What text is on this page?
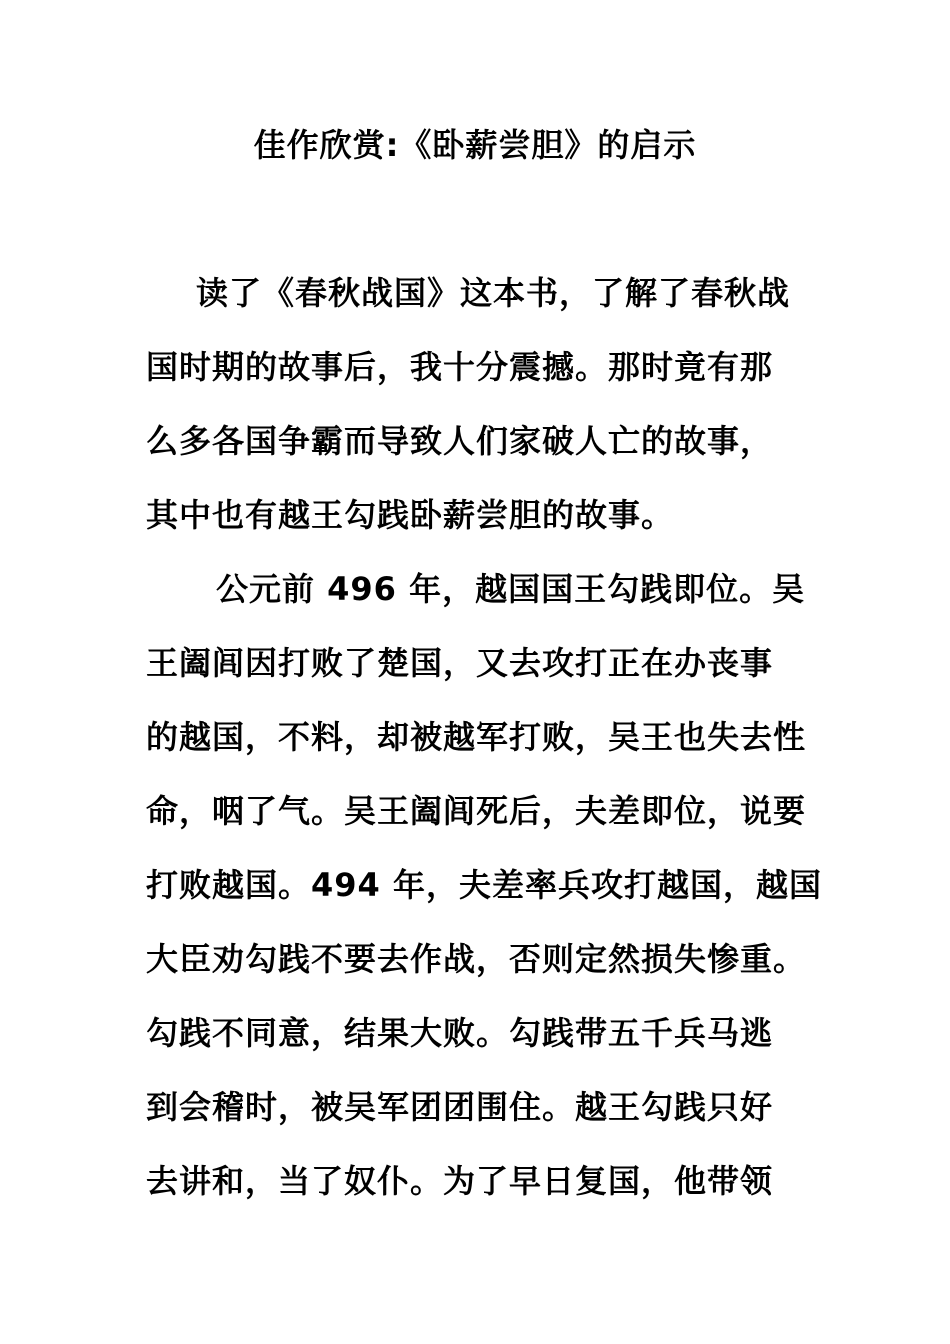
佳作欣赏:《卧薪尝胆》的启示
读了《春秋战国》这本书，了解了春秋战
国时期的故事后，我十分震撼。那时竟有那
么多各国争霸而导致人们家破人亡的故事，
其中也有越王勾践卧薪尝胆的故事。
公元前 496 年，越国国王勾践即位。吴
王阖闾因打败了楚国，又去攻打正在办丧事
的越国，不料，却被越军打败，吴王也失去性
命，咽了气。吴王阖闾死后，夫差即位，说要
打败越国。494 年，夫差率兵攻打越国，越国
大臣劝勾践不要去作战，否则定然损失惨重。
勾践不同意，结果大败。勾践带五千兵马逃
到会稽时，被吴军团团围住。越王勾践只好
去讲和，当了奴仆。为了早日复国，他带领
